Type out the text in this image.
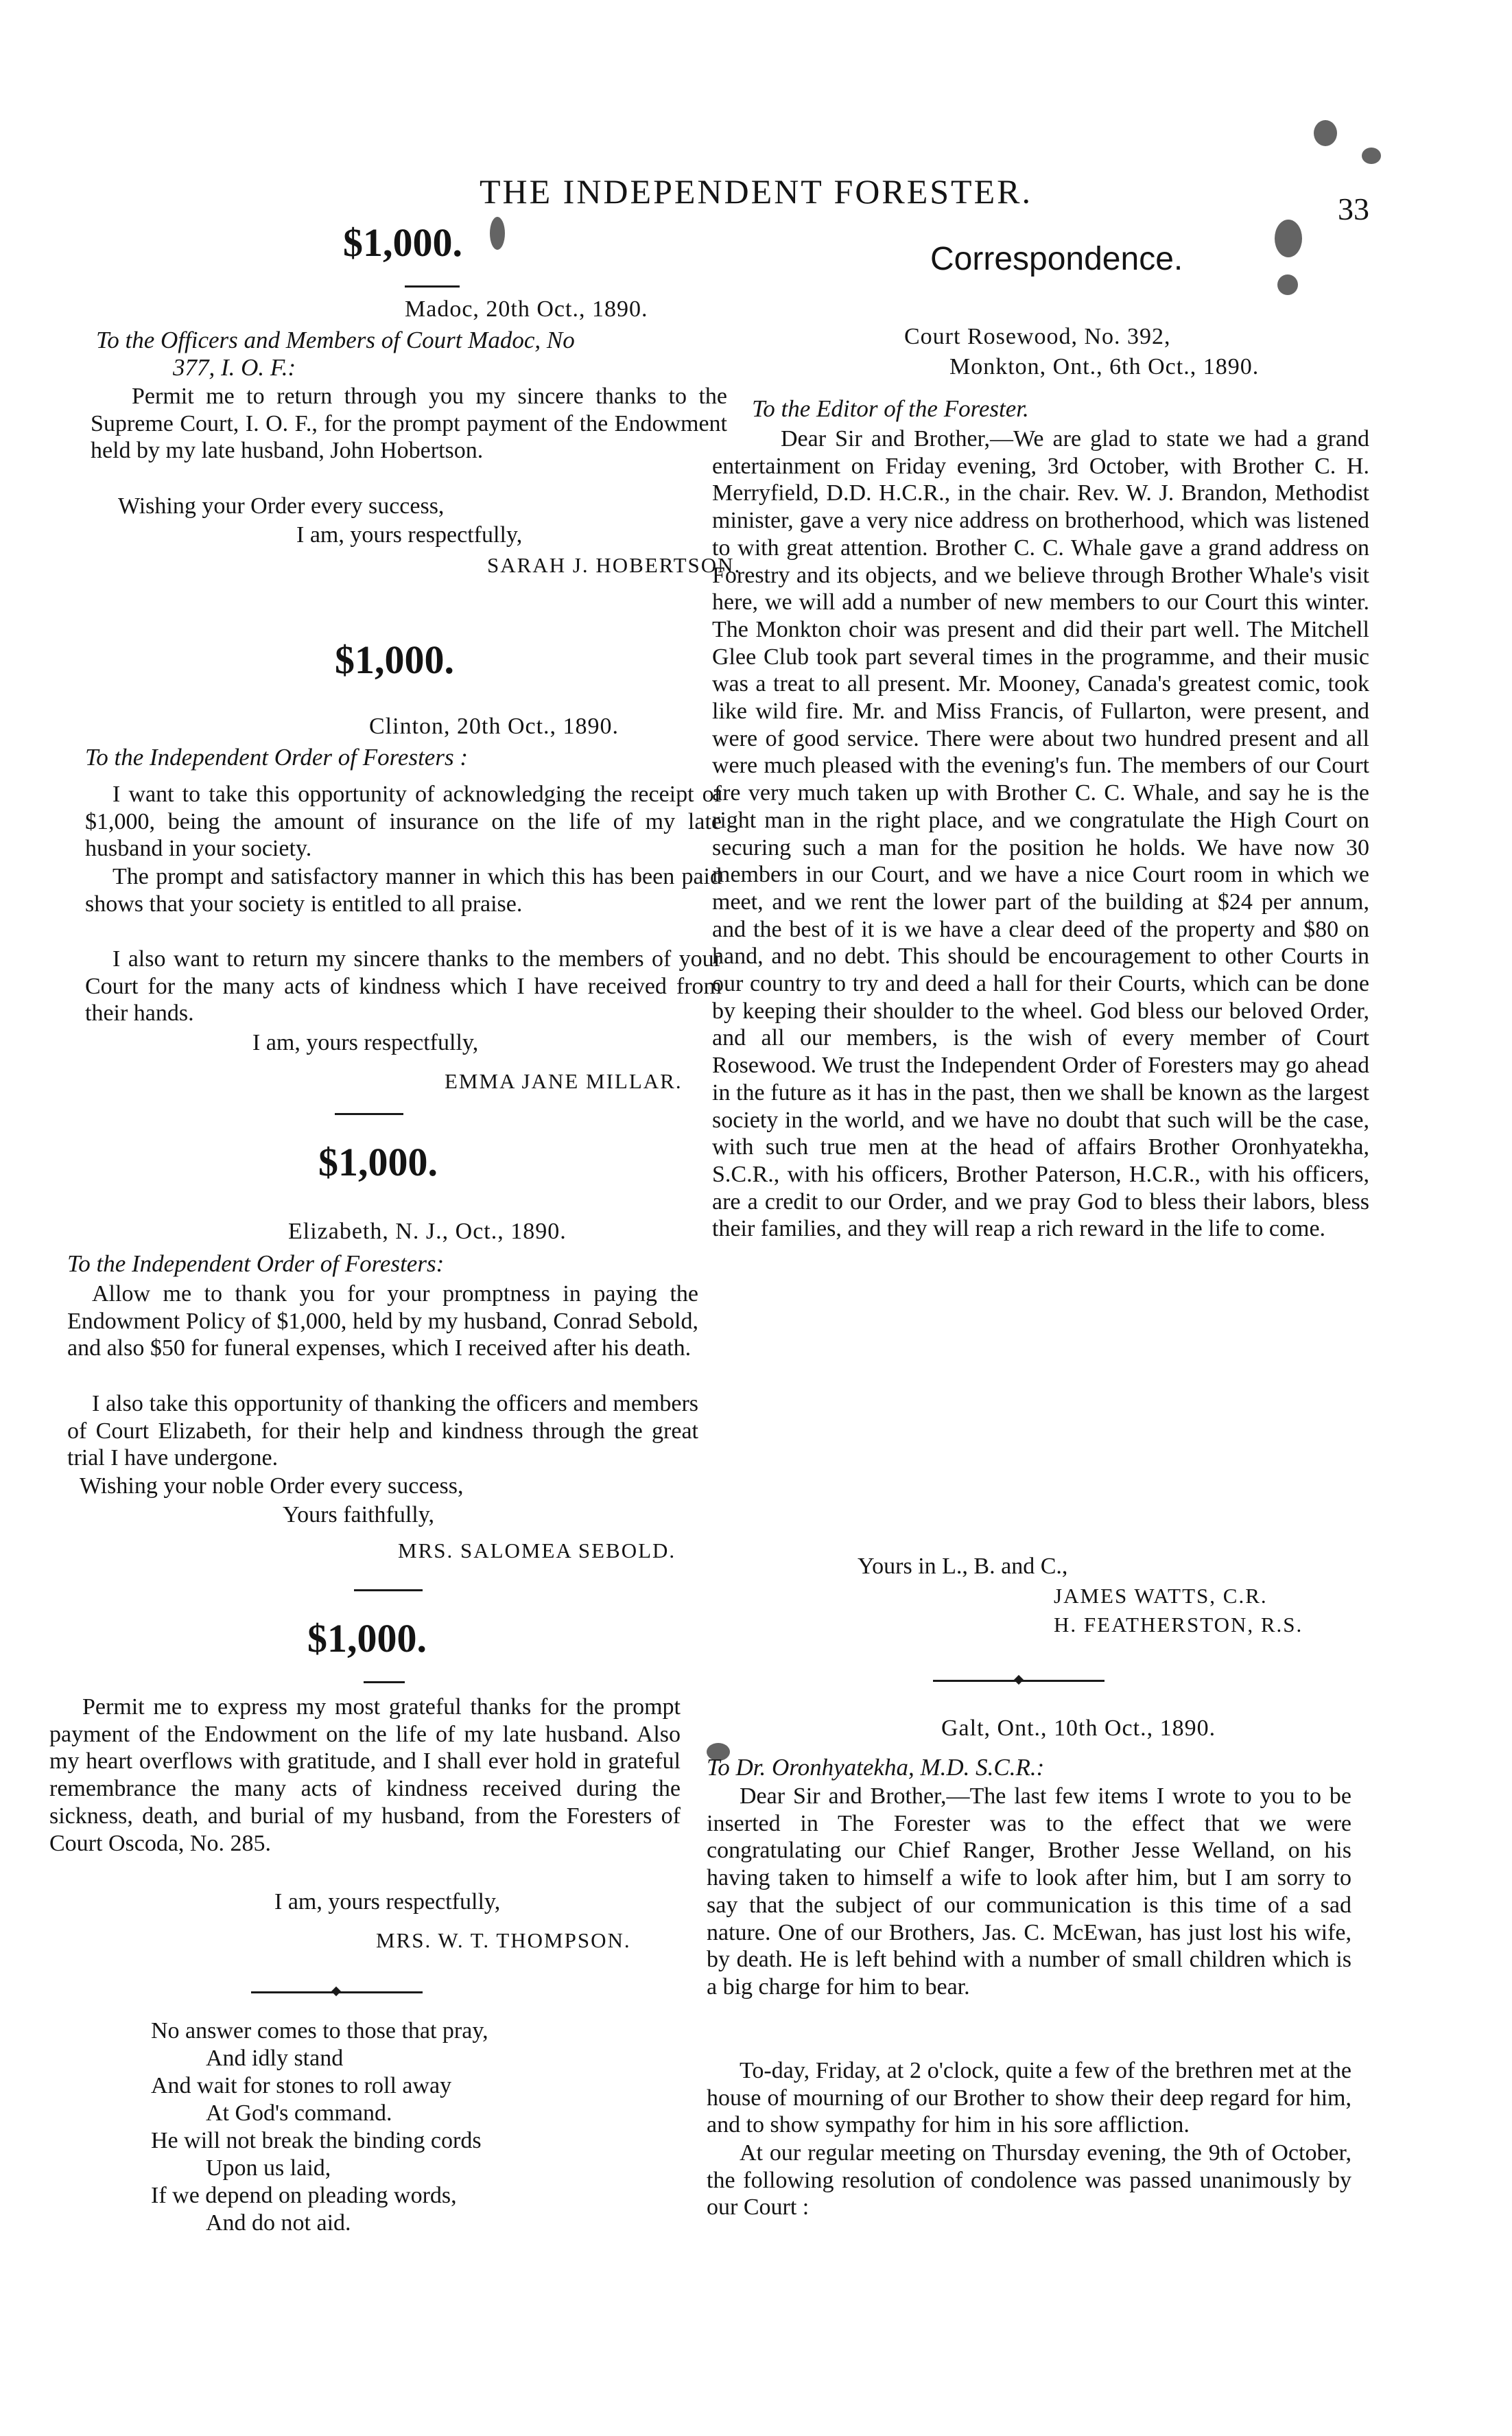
THE INDEPENDENT FORESTER.	33
$1,000.
Madoc, 20th Oct., 1890.
To the Officers and Members of Court Madoc, No
377, I. O. F.:
Permit me to return through you my sincere thanks to the Supreme Court, I. O. F., for the prompt payment of the Endowment held by my late husband, John Hobertson.
Wishing your Order every success,
I am, yours respectfully,
SARAH J. HOBERTSON.
$1,000.
Clinton, 20th Oct., 1890.
To the Independent Order of Foresters :
I want to take this opportunity of acknowledging the receipt of $1,000, being the amount of insurance on the life of my late husband in your society.
The prompt and satisfactory manner in which this has been paid shows that your society is entitled to all praise.
I also want to return my sincere thanks to the members of your Court for the many acts of kindness which I have received from their hands.
I am, yours respectfully,
EMMA JANE MILLAR.
$1,000.
Elizabeth, N. J., Oct., 1890.
To the Independent Order of Foresters:
Allow me to thank you for your promptness in paying the Endowment Policy of $1,000, held by my husband, Conrad Sebold, and also $50 for funeral expenses, which I received after his death.
I also take this opportunity of thanking the officers and members of Court Elizabeth, for their help and kindness through the great trial I have undergone.
Wishing your noble Order every success,
Yours faithfully,
MRS. SALOMEA SEBOLD.
$1,000.
Permit me to express my most grateful thanks for the prompt payment of the Endowment on the life of my late husband. Also my heart overflows with gratitude, and I shall ever hold in grateful remembrance the many acts of kindness received during the sickness, death, and burial of my husband, from the Foresters of Court Oscoda, No. 285.
I am, yours respectfully,
MRS. W. T. THOMPSON.
No answer comes to those that pray,
And idly stand
And wait for stones to roll away
At God's command.
He will not break the binding cords
Upon us laid,
If we depend on pleading words,
And do not aid.
Correspondence.
Court Rosewood, No. 392,
Monkton, Ont., 6th Oct., 1890.
To the Editor of the Forester.
Dear Sir and Brother,—We are glad to state we had a grand entertainment on Friday evening, 3rd October, with Brother C. H. Merryfield, D.D. H.C.R., in the chair. Rev. W. J. Brandon, Methodist minister, gave a very nice address on brotherhood, which was listened to with great attention. Brother C. C. Whale gave a grand address on Forestry and its objects, and we believe through Brother Whale's visit here, we will add a number of new members to our Court this winter. The Monkton choir was present and did their part well. The Mitchell Glee Club took part several times in the programme, and their music was a treat to all present. Mr. Mooney, Canada's greatest comic, took like wild fire. Mr. and Miss Francis, of Fullarton, were present, and were of good service. There were about two hundred present and all were much pleased with the evening's fun. The members of our Court are very much taken up with Brother C. C. Whale, and say he is the right man in the right place, and we congratulate the High Court on securing such a man for the position he holds. We have now 30 members in our Court, and we have a nice Court room in which we meet, and we rent the lower part of the building at $24 per annum, and the best of it is we have a clear deed of the property and $80 on hand, and no debt. This should be encouragement to other Courts in our country to try and deed a hall for their Courts, which can be done by keeping their shoulder to the wheel. God bless our beloved Order, and all our members, is the wish of every member of Court Rosewood. We trust the Independent Order of Foresters may go ahead in the future as it has in the past, then we shall be known as the largest society in the world, and we have no doubt that such will be the case, with such true men at the head of affairs Brother Oronhyatekha, S.C.R., with his officers, Brother Paterson, H.C.R., with his officers, are a credit to our Order, and we pray God to bless their labors, bless their families, and they will reap a rich reward in the life to come.
Yours in L., B. and C.,
JAMES WATTS, C.R.
H. FEATHERSTON, R.S.
Galt, Ont., 10th Oct., 1890.
To Dr. Oronhyatekha, M.D. S.C.R.:
Dear Sir and Brother,—The last few items I wrote to you to be inserted in The Forester was to the effect that we were congratulating our Chief Ranger, Brother Jesse Welland, on his having taken to himself a wife to look after him, but I am sorry to say that the subject of our communication is this time of a sad nature. One of our Brothers, Jas. C. McEwan, has just lost his wife, by death. He is left behind with a number of small children which is a big charge for him to bear.
To-day, Friday, at 2 o'clock, quite a few of the brethren met at the house of mourning of our Brother to show their deep regard for him, and to show sympathy for him in his sore affliction.
At our regular meeting on Thursday evening, the 9th of October, the following resolution of condolence was passed unanimously by our Court :
